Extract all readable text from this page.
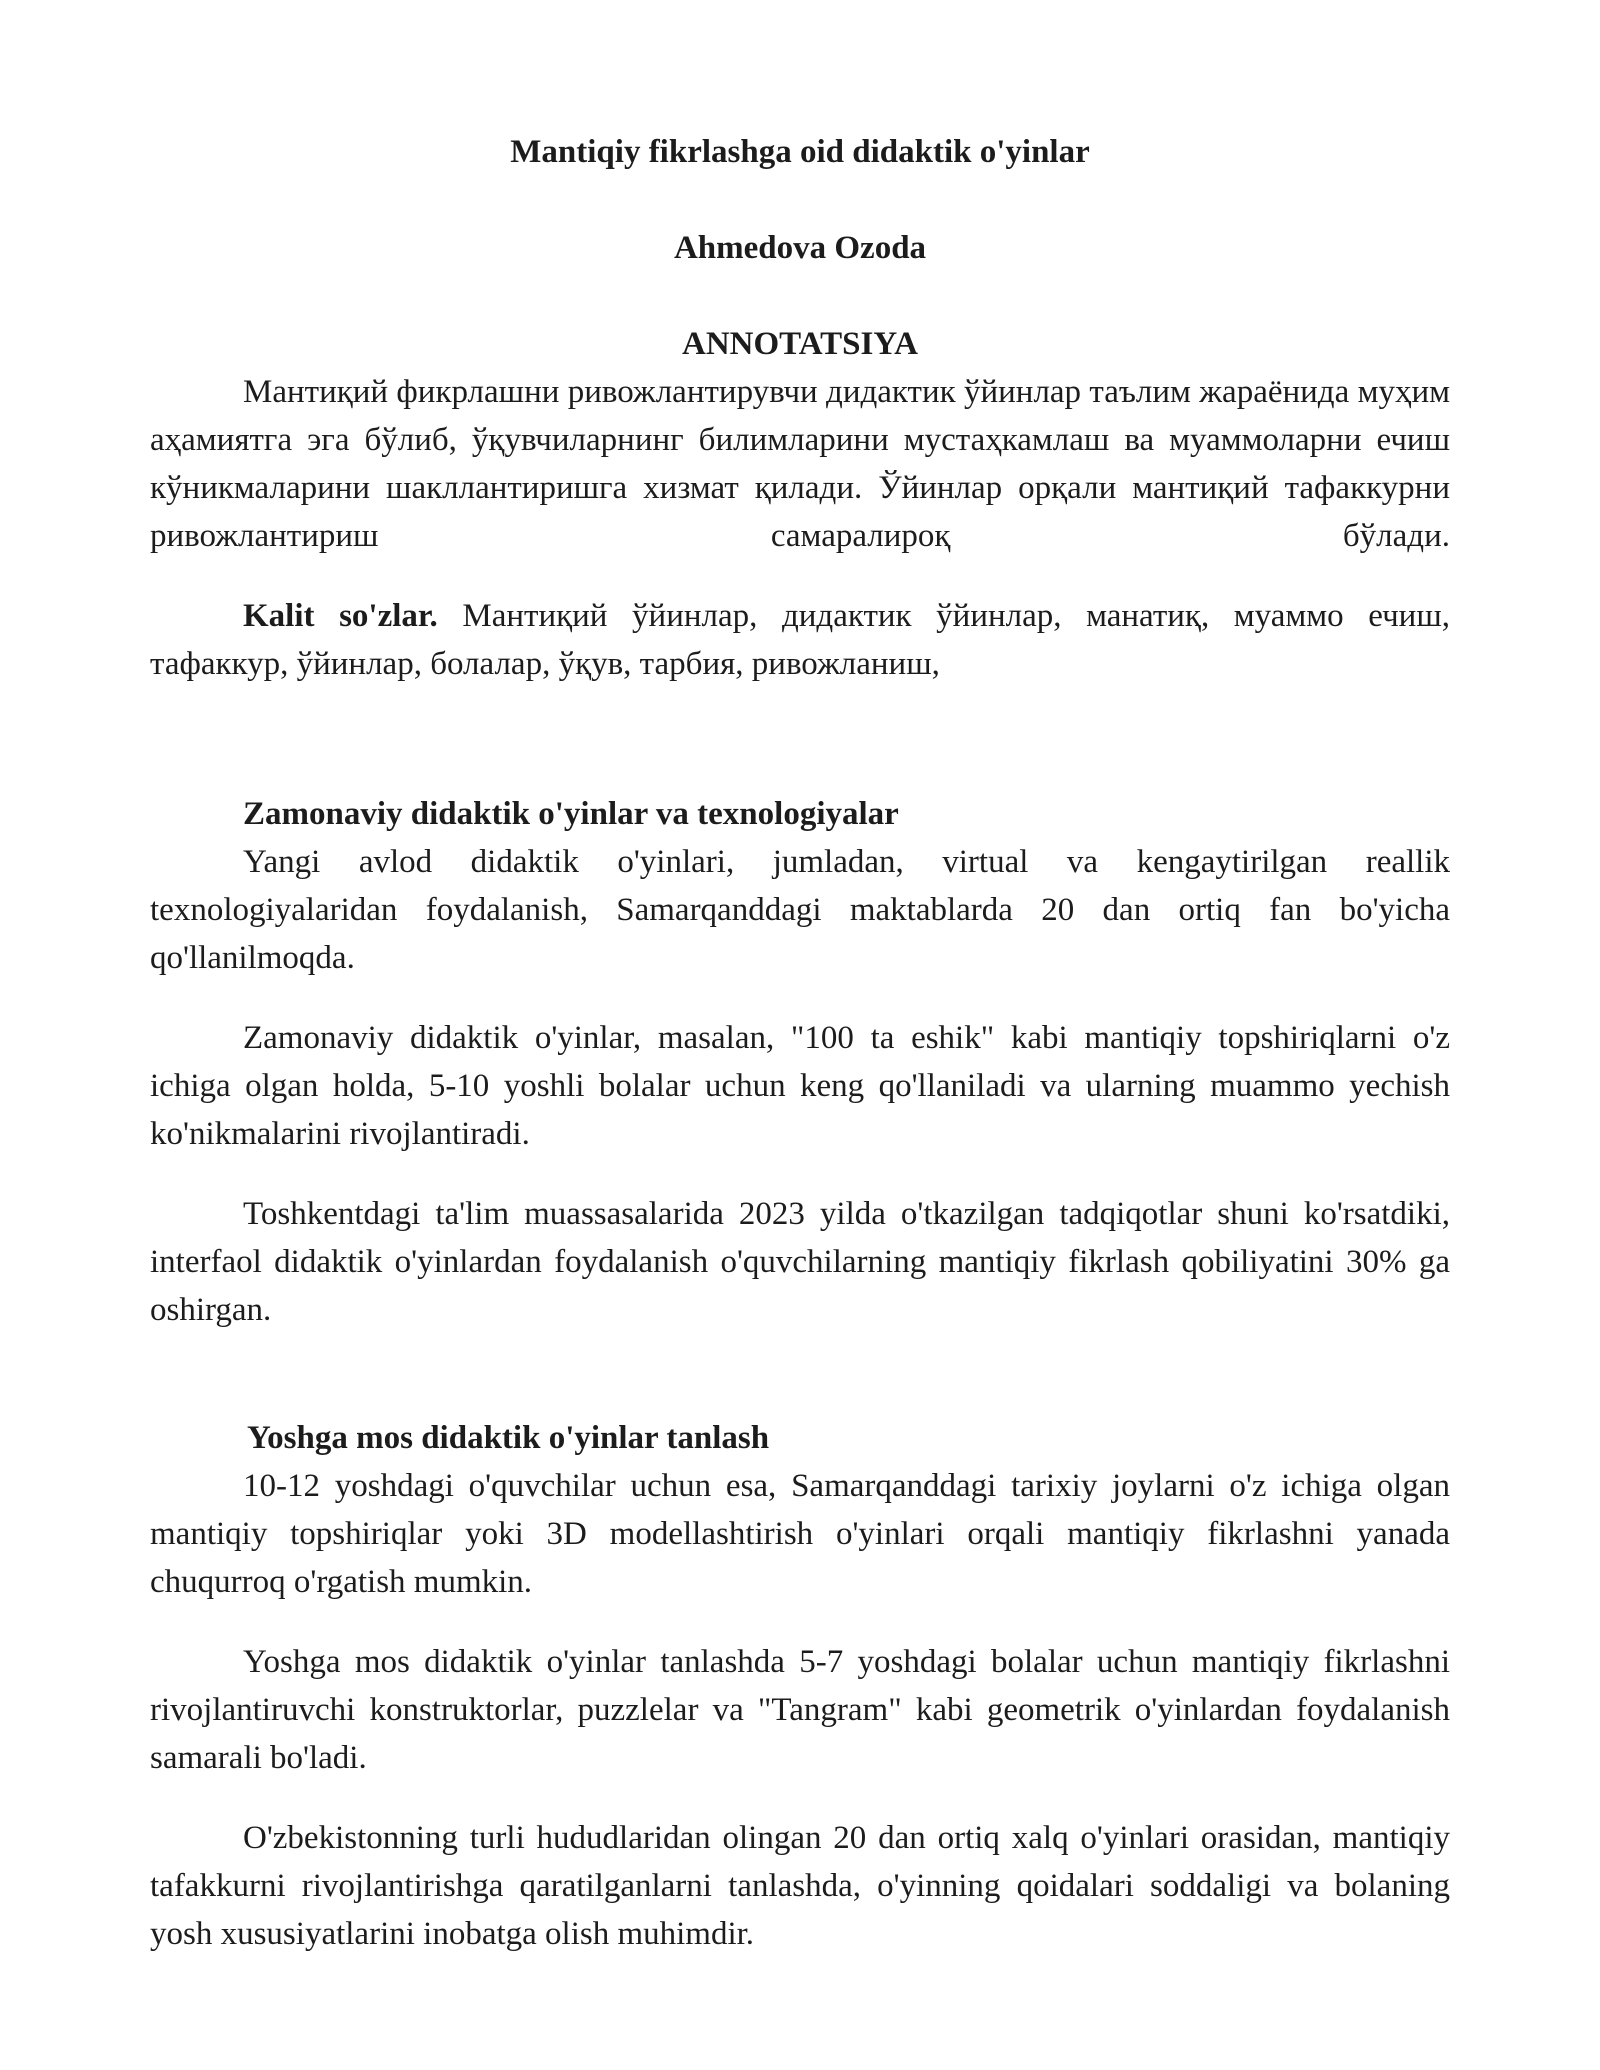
Mantiqiy fikrlashga oid didaktik o'yinlar
Ahmedova Ozoda
ANNOTATSIYA

Мантиқий фикрлашни ривожлантирувчи дидактик ўйинлар таълим жараёнида муҳим аҳамиятга эга бўлиб, ўқувчиларнинг билимларини мустаҳкамлаш ва муаммоларни ечиш кўникмаларини шакллантиришга хизмат қилади. Ўйинлар орқали мантиқий тафаккурни ривожлантириш самаралироқ бўлади.

Kalit so'zlar. Мантиқий ўйинлар, дидактик ўйинлар, манатиқ, муаммо ечиш, тафаккур, ўйинлар, болалар, ўқув, тарбия, ривожланиш,

Zamonaviy didaktik o'yinlar va texnologiyalar

Yangi avlod didaktik o'yinlari, jumladan, virtual va kengaytirilgan reallik texnologiyalaridan foydalanish, Samarqanddagi maktablarda 20 dan ortiq fan bo'yicha qo'llanilmoqda.

Zamonaviy didaktik o'yinlar, masalan, "100 ta eshik" kabi mantiqiy topshiriqlarni o'z ichiga olgan holda, 5-10 yoshli bolalar uchun keng qo'llaniladi va ularning muammo yechish ko'nikmalarini rivojlantiradi.

Toshkentdagi ta'lim muassasalarida 2023 yilda o'tkazilgan tadqiqotlar shuni ko'rsatdiki, interfaol didaktik o'yinlardan foydalanish o'quvchilarning mantiqiy fikrlash qobiliyatini 30% ga oshirgan.

Yoshga mos didaktik o'yinlar tanlash

10-12 yoshdagi o'quvchilar uchun esa, Samarqanddagi tarixiy joylarni o'z ichiga olgan mantiqiy topshiriqlar yoki 3D modellashtirish o'yinlari orqali mantiqiy fikrlashni yanada chuqurroq o'rgatish mumkin.

Yoshga mos didaktik o'yinlar tanlashda 5-7 yoshdagi bolalar uchun mantiqiy fikrlashni rivojlantiruvchi konstruktorlar, puzzlelar va "Tangram" kabi geometrik o'yinlardan foydalanish samarali bo'ladi.

O'zbekistonning turli hududlaridan olingan 20 dan ortiq xalq o'yinlari orasidan, mantiqiy tafakkurni rivojlantirishga qaratilganlarni tanlashda, o'yinning qoidalari soddaligi va bolaning yosh xususiyatlarini inobatga olish muhimdir.
